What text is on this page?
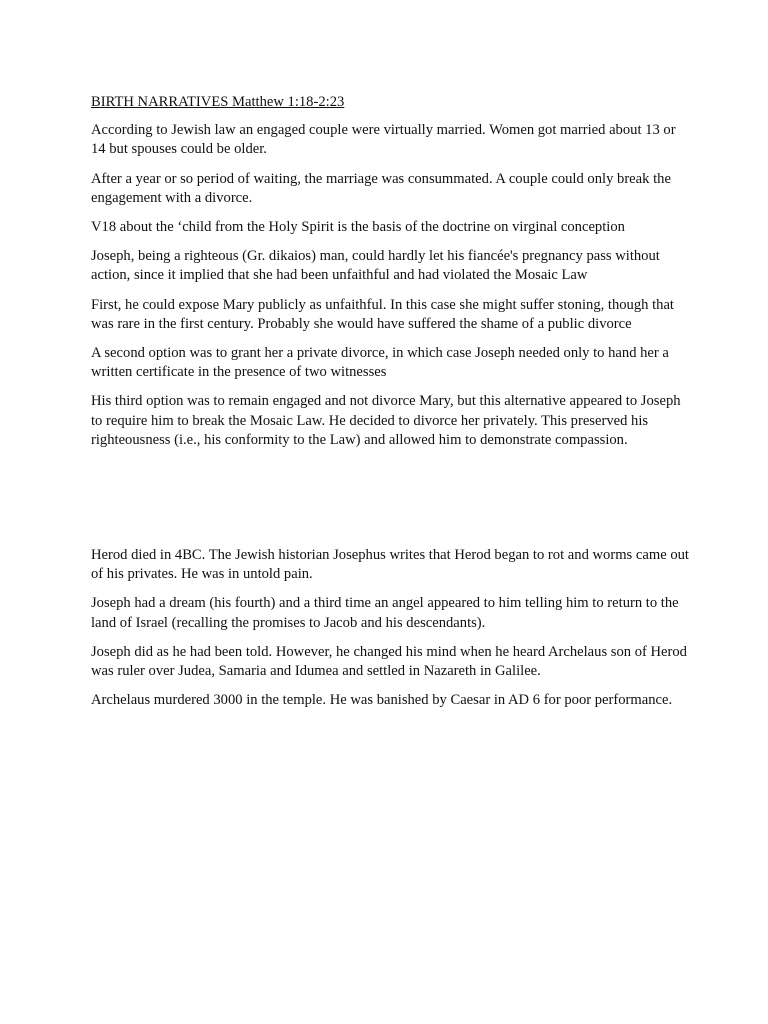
BIRTH NARRATIVES Matthew 1:18-2:23

According to Jewish law an engaged couple were virtually married. Women got married about 13 or 14 but spouses could be older.

After a year or so period of waiting, the marriage was consummated. A couple could only break the engagement with a divorce.

V18 about the ‘child from the Holy Spirit is the basis of the doctrine on virginal conception

Joseph, being a righteous (Gr. dikaios) man, could hardly let his fiancée's pregnancy pass without action, since it implied that she had been unfaithful and had violated the Mosaic Law

First, he could expose Mary publicly as unfaithful. In this case she might suffer stoning, though that was rare in the first century. Probably she would have suffered the shame of a public divorce

A second option was to grant her a private divorce, in which case Joseph needed only to hand her a written certificate in the presence of two witnesses

His third option was to remain engaged and not divorce Mary, but this alternative appeared to Joseph to require him to break the Mosaic Law. He decided to divorce her privately. This preserved his righteousness (i.e., his conformity to the Law) and allowed him to demonstrate compassion.

Herod died in 4BC. The Jewish historian Josephus writes that Herod began to rot and worms came out of his privates. He was in untold pain.

Joseph had a dream (his fourth) and a third time an angel appeared to him telling him to return to the land of Israel (recalling the promises to Jacob and his descendants).

Joseph did as he had been told. However, he changed his mind when he heard Archelaus son of Herod was ruler over Judea, Samaria and Idumea and settled in Nazareth in Galilee.

Archelaus murdered 3000 in the temple. He was banished by Caesar in AD 6 for poor performance.
